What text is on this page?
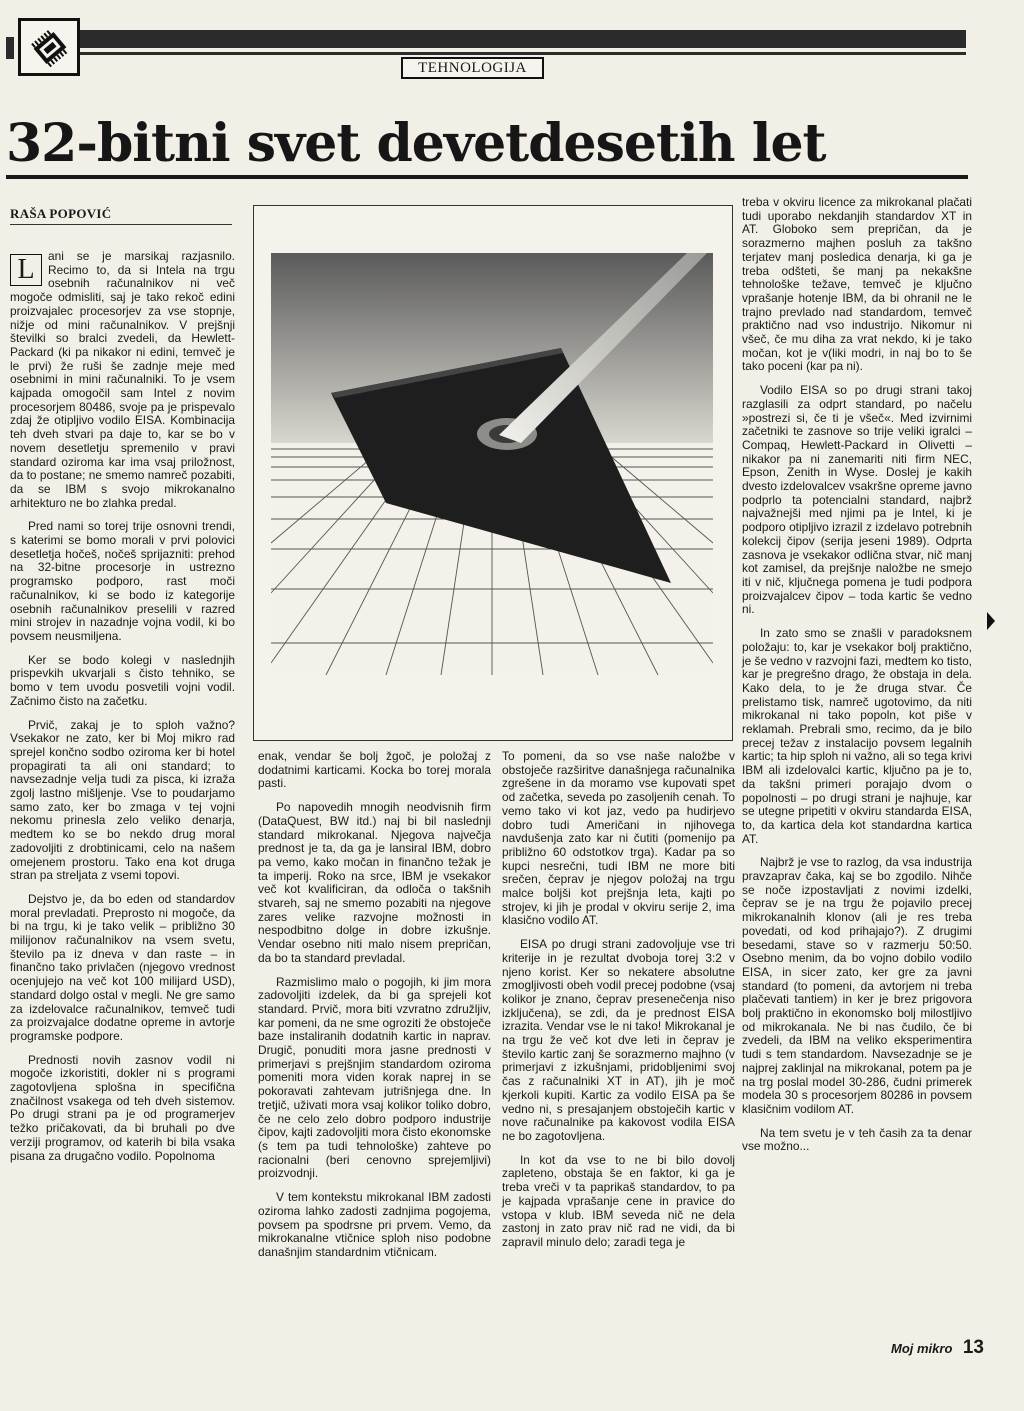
TEHNOLOGIJA
32-bitni svet devetdesetih let
RAŠA POPOVIĆ

L	ani se je marsikaj razjasnilo. Recimo to, da si Intela na trgu osebnih računalnikov ni več mogoče odmisliti, saj je tako rekoč edini proizvajalec procesorjev za vse stopnje, nižje od mini računalnikov. V prejšnji številki so bralci zvedeli, da Hewlett-Packard (ki pa nikakor ni edini, temveč je le prvi) že ruši še zadnje meje med osebnimi in mini računalniki. To je vsem kajpada omogočil sam Intel z novim procesorjem 80486, svoje pa je prispevalo zdaj že otipljivo vodilo EISA. Kombinacija teh dveh stvari pa daje to, kar se bo v novem desetletju spremenilo v pravi standard oziroma kar ima vsaj priložnost, da to postane; ne smemo namreč pozabiti, da se IBM s svojo mikrokanalno arhitekturo ne bo zlahka predal.

Pred nami so torej trije osnovni trendi, s katerimi se bomo morali v prvi polovici desetletja hočeš, nočeš sprijazniti: prehod na 32-bitne procesorje in ustrezno programsko podporo, rast moči računalnikov, ki se bodo iz kategorije osebnih računalnikov preselili v razred mini strojev in nazadnje vojna vodil, ki bo povsem neusmiljena.

Ker se bodo kolegi v naslednjih prispevkih ukvarjali s čisto tehniko, se bomo v tem uvodu posvetili vojni vodil. Začnimo čisto na začetku.

Prvič, zakaj je to sploh važno? Vsekakor ne zato, ker bi Moj mikro rad sprejel končno sodbo oziroma ker bi hotel propagirati ta ali oni standard; to navsezadnje velja tudi za pisca, ki izraža zgolj lastno mišljenje. Vse to poudarjamo samo zato, ker bo zmaga v tej vojni nekomu prinesla zelo veliko denarja, medtem ko se bo nekdo drug moral zadovoljiti z drobtinicami, celo na našem omejenem prostoru. Tako ena kot druga stran pa streljata z vsemi topovi.

Dejstvo je, da bo eden od standardov moral prevladati. Preprosto ni mogoče, da bi na trgu, ki je tako velik – približno 30 milijonov računalnikov na vsem svetu, število pa iz dneva v dan raste – in finančno tako privlačen (njegovo vrednost ocenjujejo na več kot 100 milijard USD), standard dolgo ostal v megli. Ne gre samo za izdelovalce računalnikov, temveč tudi za proizvajalce dodatne opreme in avtorje programske podpore.

Prednosti novih zasnov vodil ni mogoče izkoristiti, dokler ni s programi zagotovljena splošna in specifična značilnost vsakega od teh dveh sistemov. Po drugi strani pa je od programerjev težko pričakovati, da bi bruhali po dve verziji programov, od katerih bi bila vsaka pisana za drugačno vodilo. Popolnoma

enak, vendar še bolj žgoč, je položaj z dodatnimi karticami. Kocka bo torej morala pasti.

Po napovedih mnogih neodvisnih firm (DataQuest, BW itd.) naj bi bil naslednji standard mikrokanal. Njegova največja prednost je ta, da ga je lansiral IBM, dobro pa vemo, kako močan in finančno težak je ta imperij. Roko na srce, IBM je vsekakor več kot kvalificiran, da odloča o takšnih stvareh, saj ne smemo pozabiti na njegove zares velike razvojne možnosti in nespodbitno dolge in dobre izkušnje. Vendar osebno niti malo nisem prepričan, da bo ta standard prevladal.

Razmislimo malo o pogojih, ki jim mora zadovoljiti izdelek, da bi ga sprejeli kot standard. Prvič, mora biti vzvratno združljiv, kar pomeni, da ne sme ogroziti že obstoječe baze instaliranih dodatnih kartic in naprav. Drugič, ponuditi mora jasne prednosti v primerjavi s prejšnjim standardom oziroma pomeniti mora viden korak naprej in se pokoravati zahtevam jutrišnjega dne. In tretjič, uživati mora vsaj kolikor toliko dobro, če ne celo zelo dobro podporo industrije čipov, kajti zadovoljiti mora čisto ekonomske (s tem pa tudi tehnološke) zahteve po racionalni (beri cenovno sprejemljivi) proizvodnji.

V tem kontekstu mikrokanal IBM zadosti oziroma lahko zadosti zadnjima pogojema, povsem pa spodrsne pri prvem. Vemo, da mikrokanalne vtičnice sploh niso podobne današnjim standardnim vtičnicam.

To pomeni, da so vse naše naložbe v obstoječe razširitve današnjega računalnika zgrešene in da moramo vse kupovati spet od začetka, seveda po zasoljenih cenah. To vemo tako vi kot jaz, vedo pa hudirjevo dobro tudi Američani in njihovega navdušenja zato kar ni čutiti (pomenijo pa približno 60 odstotkov trga). Kadar pa so kupci nesrečni, tudi IBM ne more biti srečen, čeprav je njegov položaj na trgu malce boljši kot prejšnja leta, kajti po strojev, ki jih je prodal v okviru serije 2, ima klasično vodilo AT.

EISA po drugi strani zadovoljuje vse tri kriterije in je rezultat dvoboja torej 3:2 v njeno korist. Ker so nekatere absolutne zmogljivosti obeh vodil precej podobne (vsaj kolikor je znano, čeprav presenečenja niso izključena), se zdi, da je prednost EISA izrazita. Vendar vse le ni tako! Mikrokanal je na trgu že več kot dve leti in čeprav je število kartic zanj še sorazmerno majhno (v primerjavi z izkušnjami, pridobljenimi svoj čas z računalniki XT in AT), jih je moč kjerkoli kupiti. Kartic za vodilo EISA pa še vedno ni, s presajanjem obstoječih kartic v nove računalnike pa kakovost vodila EISA ne bo zagotovljena.

In kot da vse to ne bi bilo dovolj zapleteno, obstaja še en faktor, ki ga je treba vreči v ta paprikaš standardov, to pa je kajpada vprašanje cene in pravice do vstopa v klub. IBM seveda nič ne dela zastonj in zato prav nič rad ne vidi, da bi zapravil minulo delo; zaradi tega je

treba v okviru licence za mikrokanal plačati tudi uporabo nekdanjih standardov XT in AT. Globoko sem prepričan, da je sorazmerno majhen posluh za takšno terjatev manj posledica denarja, ki ga je treba odšteti, še manj pa nekakšne tehnološke težave, temveč je ključno vprašanje hotenje IBM, da bi ohranil ne le trajno prevlado nad standardom, temveč praktično nad vso industrijo. Nikomur ni všeč, če mu diha za vrat nekdo, ki je tako močan, kot je v(liki modri, in naj bo to še tako poceni (kar pa ni).

Vodilo EISA so po drugi strani takoj razglasili za odprt standard, po načelu »postrezi si, če ti je všeč«. Med izvirnimi začetniki te zasnove so trije veliki igralci – Compaq, Hewlett-Packard in Olivetti – nikakor pa ni zanemariti niti firm NEC, Epson, Zenith in Wyse. Doslej je kakih dvesto izdelovalcev vsakršne opreme javno podprlo ta potencialni standard, najbrž najvažnejši med njimi pa je Intel, ki je podporo otipljivo izrazil z izdelavo potrebnih kolekcij čipov (serija jeseni 1989). Odprta zasnova je vsekakor odlična stvar, nič manj kot zamisel, da prejšnje naložbe ne smejo iti v nič, ključnega pomena je tudi podpora proizvajalcev čipov – toda kartic še vedno ni.

In zato smo se znašli v paradoksnem položaju: to, kar je vsekakor bolj praktično, je še vedno v razvojni fazi, medtem ko tisto, kar je pregrešno drago, že obstaja in dela. Kako dela, to je že druga stvar. Če prelistamo tisk, namreč ugotovimo, da niti mikrokanal ni tako popoln, kot piše v reklamah. Prebrali smo, recimo, da je bilo precej težav z instalacijo povsem legalnih kartic; ta hip sploh ni važno, ali so tega krivi IBM ali izdelovalci kartic, ključno pa je to, da takšni primeri porajajo dvom o popolnosti – po drugi strani je najhuje, kar se utegne pripetiti v okviru standarda EISA, to, da kartica dela kot standardna kartica AT.

Najbrž je vse to razlog, da vsa industrija pravzaprav čaka, kaj se bo zgodilo. Nihče se noče izpostavljati z novimi izdelki, čeprav se je na trgu že pojavilo precej mikrokanalnih klonov (ali je res treba povedati, od kod prihajajo?). Z drugimi besedami, stave so v razmerju 50:50. Osebno menim, da bo vojno dobilo vodilo EISA, in sicer zato, ker gre za javni standard (to pomeni, da avtorjem ni treba plačevati tantiem) in ker je brez prigovora bolj praktično in ekonomsko bolj milostljivo od mikrokanala. Ne bi nas čudilo, če bi zvedeli, da IBM na veliko eksperimentira tudi s tem standardom. Navsezadnje se je najprej zaklinjal na mikrokanal, potem pa je na trg poslal model 30-286, čudni primerek modela 30 s procesorjem 80286 in povsem klasičnim vodilom AT.

Na tem svetu je v teh časih za ta denar vse možno...

Moj mikro 13
